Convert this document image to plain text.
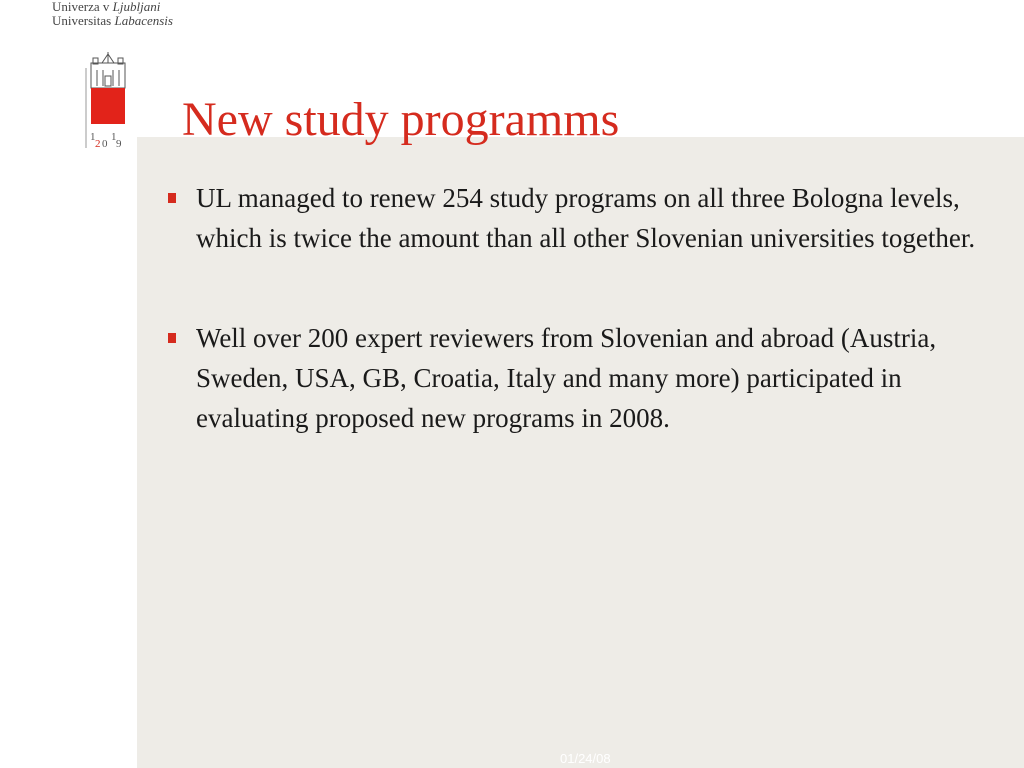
Univerza v Ljubljani
Universitas Labacensis
1
2 0
1
9 New study programms
UL managed to renew 254 study programs on all three Bologna levels, which is twice the amount than all other Slovenian universities together.
Well over 200 expert reviewers from Slovenian and abroad (Austria, Sweden, USA, GB, Croatia, Italy and many more) participated in evaluating proposed new programs in 2008.
01/24/08
